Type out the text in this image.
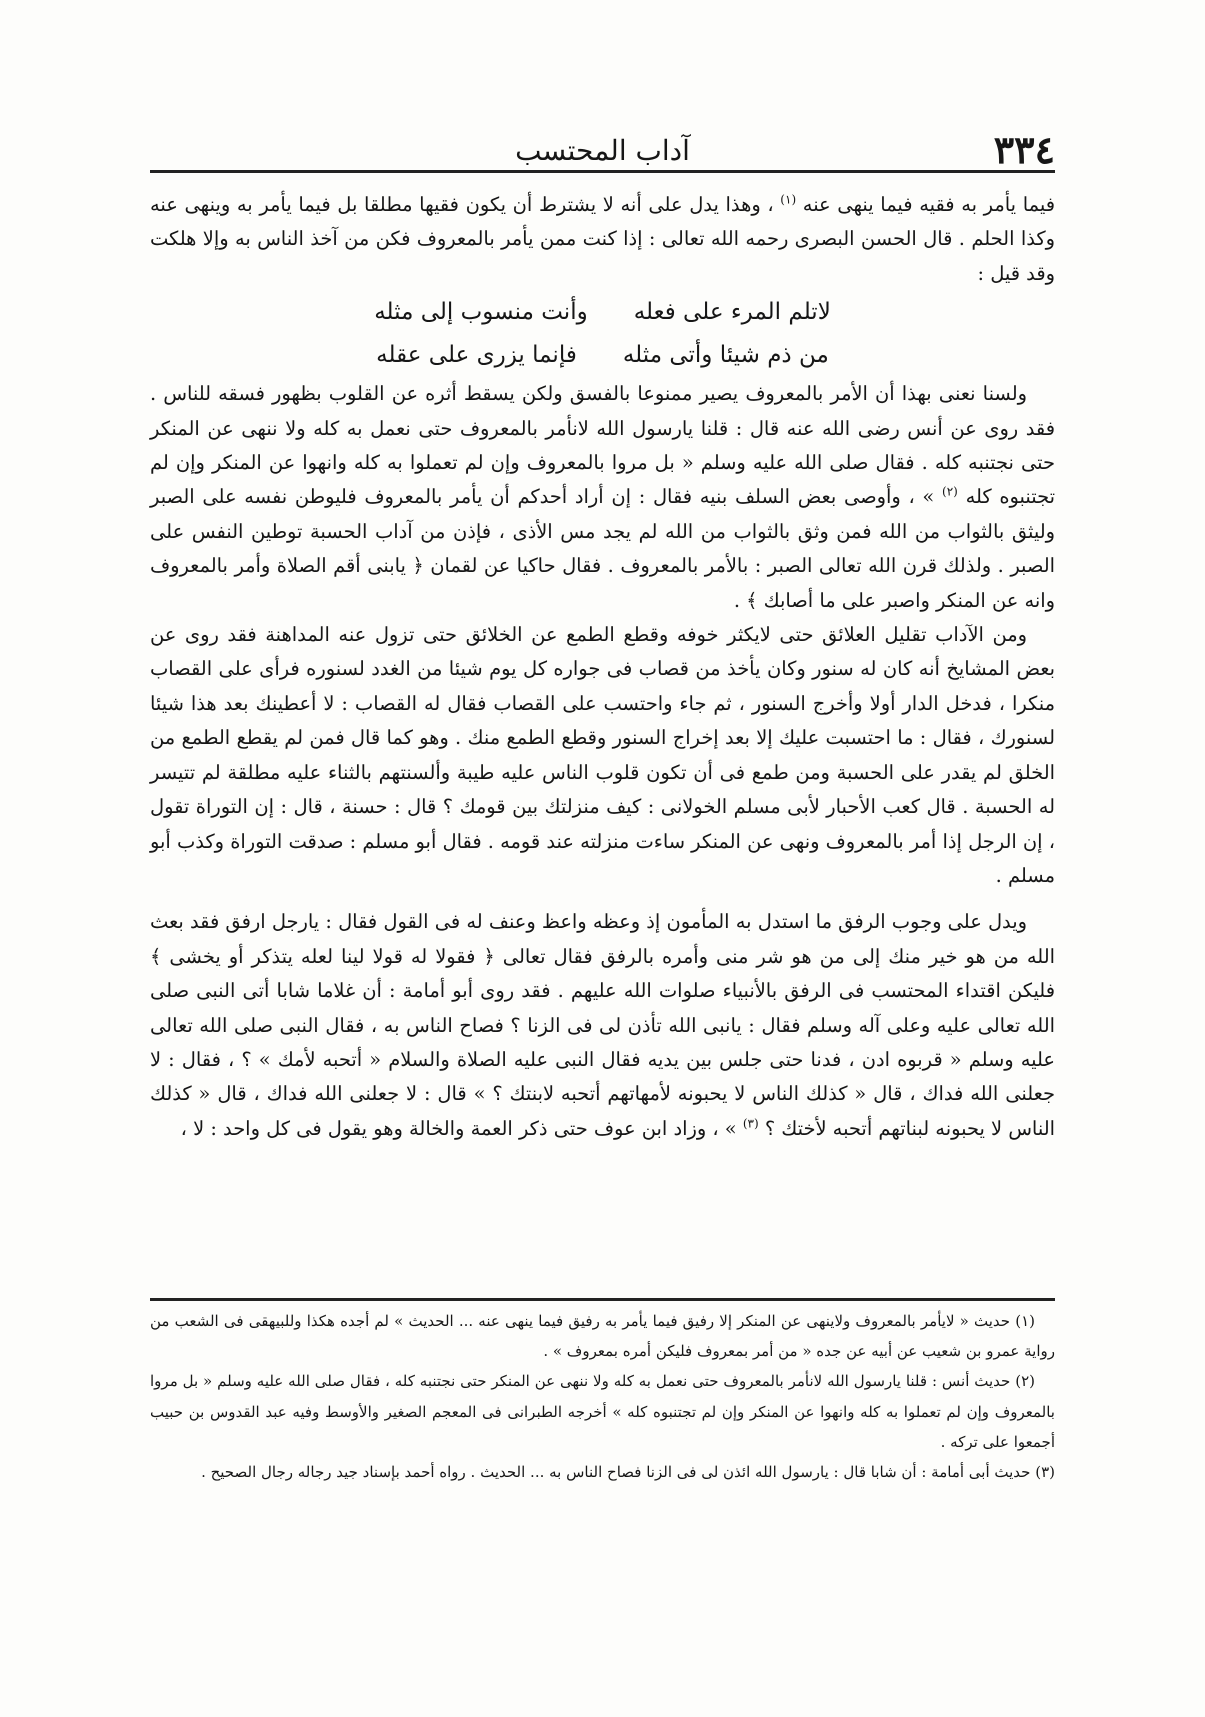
٣٣٤
آداب المحتسب

فيما يأمر به فقيه فيما ينهى عنه $^{(١)}$ ، وهذا يدل على أنه لا يشترط أن يكون فقيها مطلقا بل فيما يأمر به وينهى عنه وكذا الحلم . قال الحسن البصرى رحمه الله تعالى : إذا كنت ممن يأمر بالمعروف فكن من آخذ الناس به وإلا هلكت وقد قيل :

لاتلم المرء على فعله
وأنت منسوب إلى مثله
من ذم شيئا وأتى مثله
فإنما يزرى على عقله

ولسنا نعنى بهذا أن الأمر بالمعروف يصير ممنوعا بالفسق ولكن يسقط أثره عن القلوب بظهور فسقه للناس . فقد روى عن أنس رضى الله عنه قال : قلنا يارسول الله لانأمر بالمعروف حتى نعمل به كله ولا ننهى عن المنكر حتى نجتنبه كله . فقال صلى الله عليه وسلم « بل مروا بالمعروف وإن لم تعملوا به كله وانهوا عن المنكر وإن لم تجتنبوه كله $^{(٢)}$ » ، وأوصى بعض السلف بنيه فقال : إن أراد أحدكم أن يأمر بالمعروف فليوطن نفسه على الصبر وليثق بالثواب من الله فمن وثق بالثواب من الله لم يجد مس الأذى ، فإذن من آداب الحسبة توطين النفس على الصبر . ولذلك قرن الله تعالى الصبر : بالأمر بالمعروف . فقال حاكيا عن لقمان ﴿ يابنى أقم الصلاة وأمر بالمعروف وانه عن المنكر واصبر على ما أصابك ﴾ .

ومن الآداب تقليل العلائق حتى لايكثر خوفه وقطع الطمع عن الخلائق حتى تزول عنه المداهنة فقد روى عن بعض المشايخ أنه كان له سنور وكان يأخذ من قصاب فى جواره كل يوم شيئا من الغدد لسنوره فرأى على القصاب منكرا ، فدخل الدار أولا وأخرج السنور ، ثم جاء واحتسب على القصاب فقال له القصاب : لا أعطينك بعد هذا شيئا لسنورك ، فقال : ما احتسبت عليك إلا بعد إخراج السنور وقطع الطمع منك . وهو كما قال فمن لم يقطع الطمع من الخلق لم يقدر على الحسبة ومن طمع فى أن تكون قلوب الناس عليه طيبة وألسنتهم بالثناء عليه مطلقة لم تتيسر له الحسبة . قال كعب الأحبار لأبى مسلم الخولانى : كيف منزلتك بين قومك ؟ قال : حسنة ، قال : إن التوراة تقول ، إن الرجل إذا أمر بالمعروف ونهى عن المنكر ساءت منزلته عند قومه . فقال أبو مسلم : صدقت التوراة وكذب أبو مسلم .

ويدل على وجوب الرفق ما استدل به المأمون إذ وعظه واعظ وعنف له فى القول فقال : يارجل ارفق فقد بعث الله من هو خير منك إلى من هو شر منى وأمره بالرفق فقال تعالى ﴿ فقولا له قولا لينا لعله يتذكر أو يخشى ﴾ فليكن اقتداء المحتسب فى الرفق بالأنبياء صلوات الله عليهم . فقد روى أبو أمامة : أن غلاما شابا أتى النبى صلى الله تعالى عليه وعلى آله وسلم فقال : يانبى الله تأذن لى فى الزنا ؟ فصاح الناس به ، فقال النبى صلى الله تعالى عليه وسلم « قربوه ادن ، فدنا حتى جلس بين يديه فقال النبى عليه الصلاة والسلام « أتحبه لأمك » ؟ ، فقال : لا جعلنى الله فداك ، قال « كذلك الناس لا يحبونه لأمهاتهم أتحبه لابنتك ؟ » قال : لا جعلنى الله فداك ، قال « كذلك الناس لا يحبونه لبناتهم أتحبه لأختك ؟ $^{(٣)}$ » ، وزاد ابن عوف حتى ذكر العمة والخالة وهو يقول فى كل واحد : لا ،

(١) حديث « لايأمر بالمعروف ولاينهى عن المنكر إلا رفيق فيما يأمر به رفيق فيما ينهى عنه ... الحديث » لم أجده هكذا وللبيهقى فى الشعب من رواية عمرو بن شعيب عن أبيه عن جده « من أمر بمعروف فليكن أمره بمعروف » .

(٢) حديث أنس : قلنا يارسول الله لانأمر بالمعروف حتى نعمل به كله ولا ننهى عن المنكر حتى نجتنبه كله ، فقال صلى الله عليه وسلم « بل مروا بالمعروف وإن لم تعملوا به كله وانهوا عن المنكر وإن لم تجتنبوه كله » أخرجه الطبرانى فى المعجم الصغير والأوسط وفيه عبد القدوس بن حبيب أجمعوا على تركه .

(٣) حديث أبى أمامة : أن شابا قال : يارسول الله ائذن لى فى الزنا فصاح الناس به ... الحديث . رواه أحمد بإسناد جيد رجاله رجال الصحيح .
